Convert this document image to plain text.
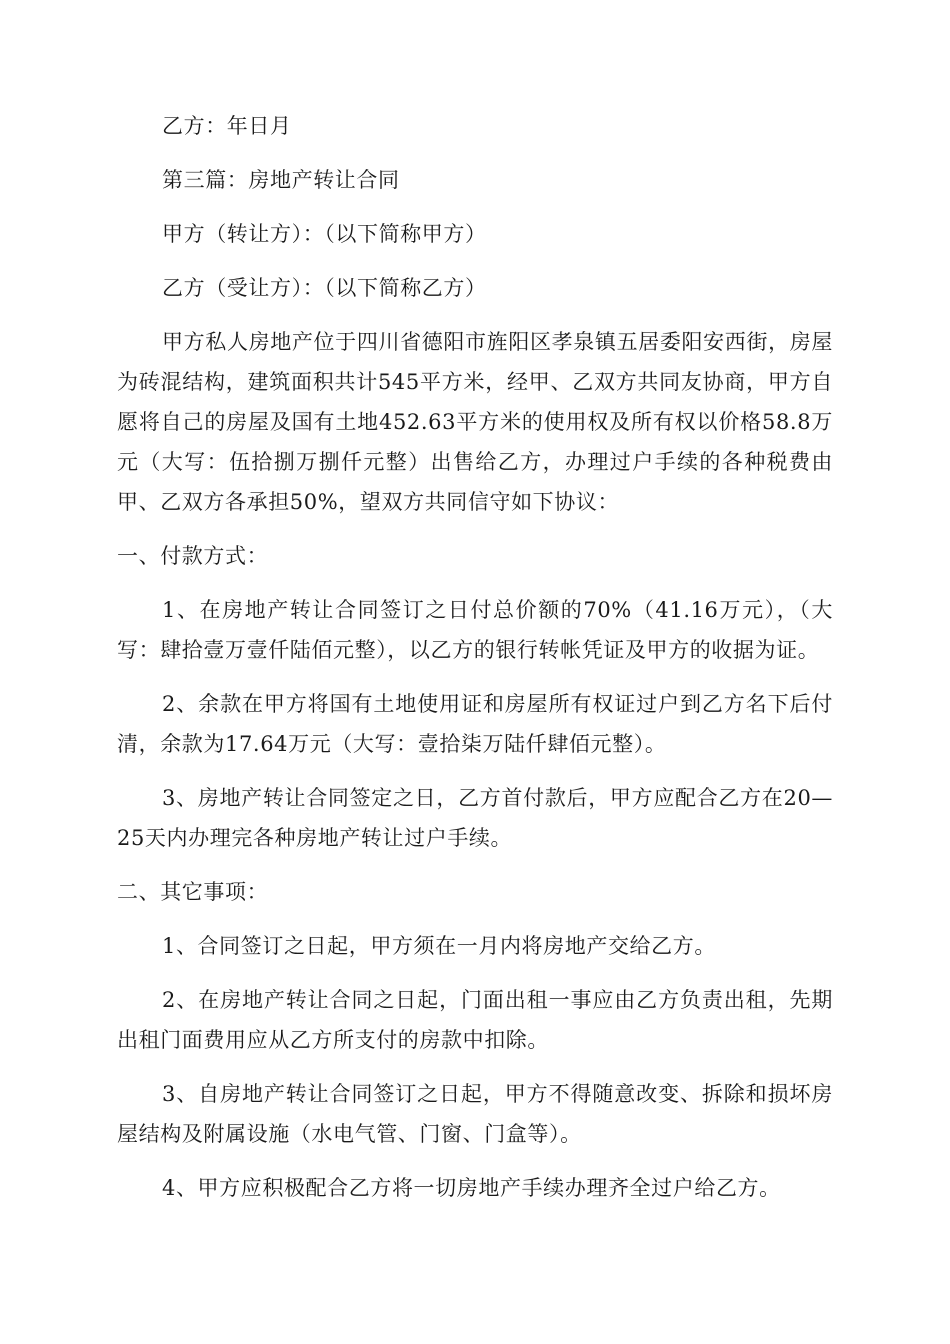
乙方：年日月

第三篇：房地产转让合同

甲方（转让方）：（以下简称甲方）

乙方（受让方）：（以下简称乙方）

甲方私人房地产位于四川省德阳市旌阳区孝泉镇五居委阳安西街，房屋为砖混结构，建筑面积共计545平方米，经甲、乙双方共同友协商，甲方自愿将自己的房屋及国有土地452.63平方米的使用权及所有权以价格58.8万元（大写：伍拾捌万捌仟元整）出售给乙方，办理过户手续的各种税费由甲、乙双方各承担50%，望双方共同信守如下协议：

一、付款方式：

1、在房地产转让合同签订之日付总价额的70%（41.16万元），（大写：肆拾壹万壹仟陆佰元整），以乙方的银行转帐凭证及甲方的收据为证。

2、余款在甲方将国有土地使用证和房屋所有权证过户到乙方名下后付清，余款为17.64万元（大写：壹拾柒万陆仟肆佰元整）。

3、房地产转让合同签定之日，乙方首付款后，甲方应配合乙方在20—25天内办理完各种房地产转让过户手续。

二、其它事项：

1、合同签订之日起，甲方须在一月内将房地产交给乙方。

2、在房地产转让合同之日起，门面出租一事应由乙方负责出租，先期出租门面费用应从乙方所支付的房款中扣除。

3、自房地产转让合同签订之日起，甲方不得随意改变、拆除和损坏房屋结构及附属设施（水电气管、门窗、门盒等）。

4、甲方应积极配合乙方将一切房地产手续办理齐全过户给乙方。
